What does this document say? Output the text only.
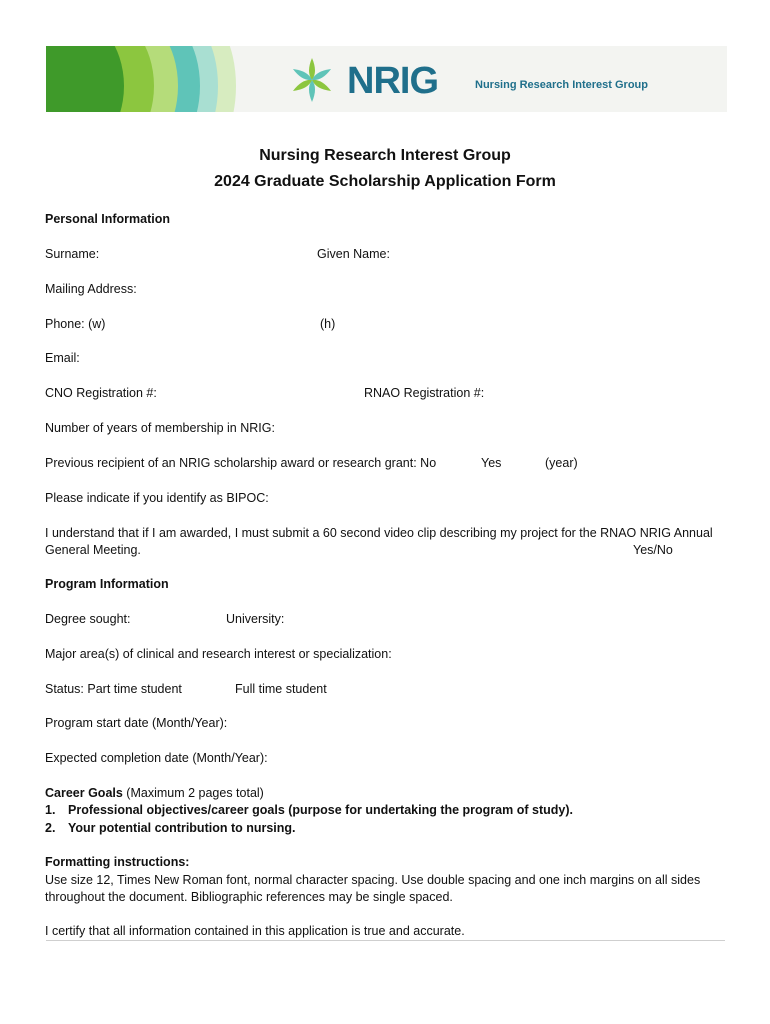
NRIG	Nursing Research Interest Group
Nursing Research Interest Group
2024 Graduate Scholarship Application Form
Personal Information
Surname:	Given Name:
Mailing Address:
Phone: (w)	(h)
Email:
CNO Registration #:	RNAO Registration #:
Number of years of membership in NRIG:
Previous recipient of an NRIG scholarship award or research grant: No	Yes	(year)
Please indicate if you identify as BIPOC:
I understand that if I am awarded, I must submit a 60 second video clip describing my project for the RNAO NRIG Annual
General Meeting.	Yes/No
Program Information
Degree sought:	University:
Major area(s) of clinical and research interest or specialization:
Status: Part time student	Full time student
Program start date (Month/Year):
Expected completion date (Month/Year):
Career Goals (Maximum 2 pages total)
1. Professional objectives/career goals (purpose for undertaking the program of study).
2. Your potential contribution to nursing.
Formatting instructions:
Use size 12, Times New Roman font, normal character spacing. Use double spacing and one inch margins on all sides
throughout the document. Bibliographic references may be single spaced.
I certify that all information contained in this application is true and accurate.
